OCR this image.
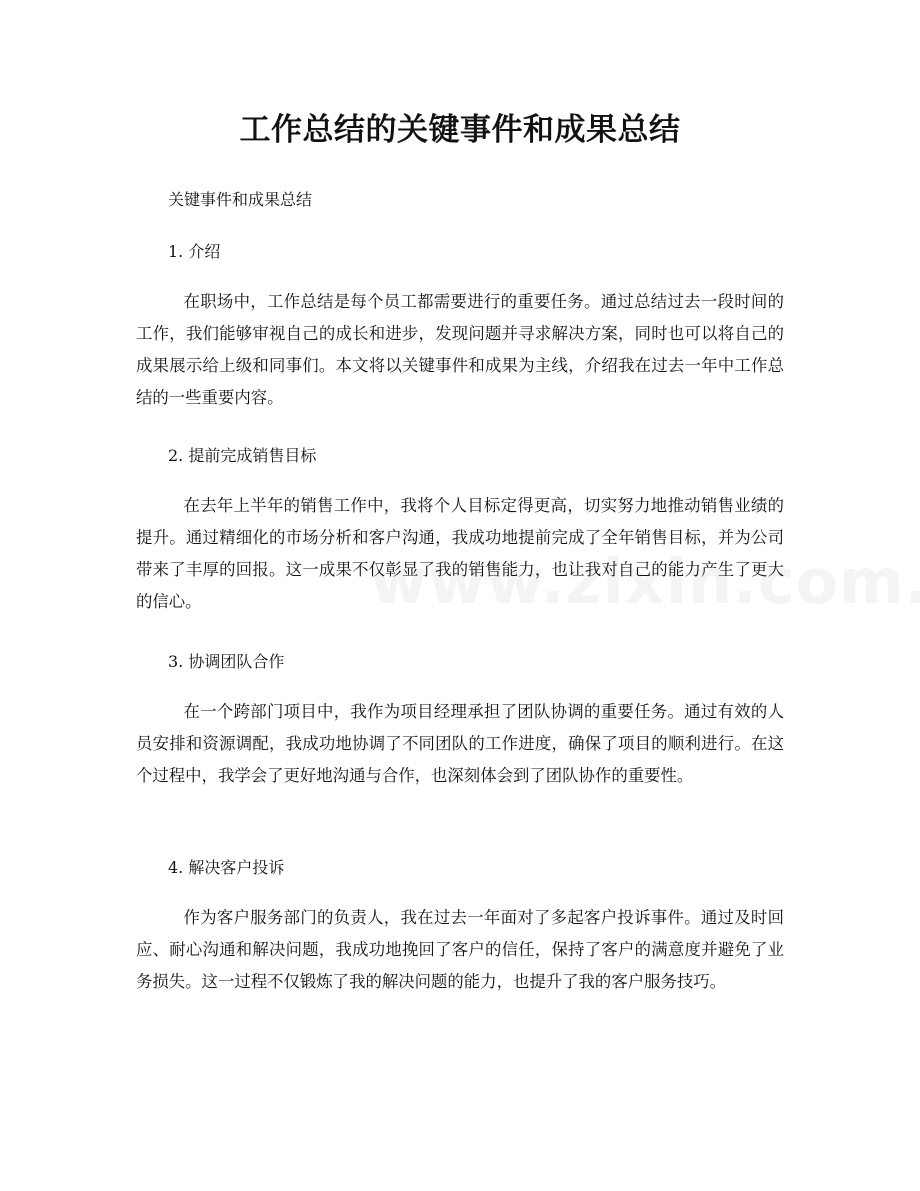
工作总结的关键事件和成果总结

关键事件和成果总结

1. 介绍

在职场中，工作总结是每个员工都需要进行的重要任务。通过总结过去一段时间的工作，我们能够审视自己的成长和进步，发现问题并寻求解决方案，同时也可以将自己的成果展示给上级和同事们。本文将以关键事件和成果为主线，介绍我在过去一年中工作总结的一些重要内容。

2. 提前完成销售目标

在去年上半年的销售工作中，我将个人目标定得更高，切实努力地推动销售业绩的提升。通过精细化的市场分析和客户沟通，我成功地提前完成了全年销售目标，并为公司带来了丰厚的回报。这一成果不仅彰显了我的销售能力，也让我对自己的能力产生了更大的信心。

3. 协调团队合作

在一个跨部门项目中，我作为项目经理承担了团队协调的重要任务。通过有效的人员安排和资源调配，我成功地协调了不同团队的工作进度，确保了项目的顺利进行。在这个过程中，我学会了更好地沟通与合作，也深刻体会到了团队协作的重要性。

4. 解决客户投诉

作为客户服务部门的负责人，我在过去一年面对了多起客户投诉事件。通过及时回应、耐心沟通和解决问题，我成功地挽回了客户的信任，保持了客户的满意度并避免了业务损失。这一过程不仅锻炼了我的解决问题的能力，也提升了我的客户服务技巧。
